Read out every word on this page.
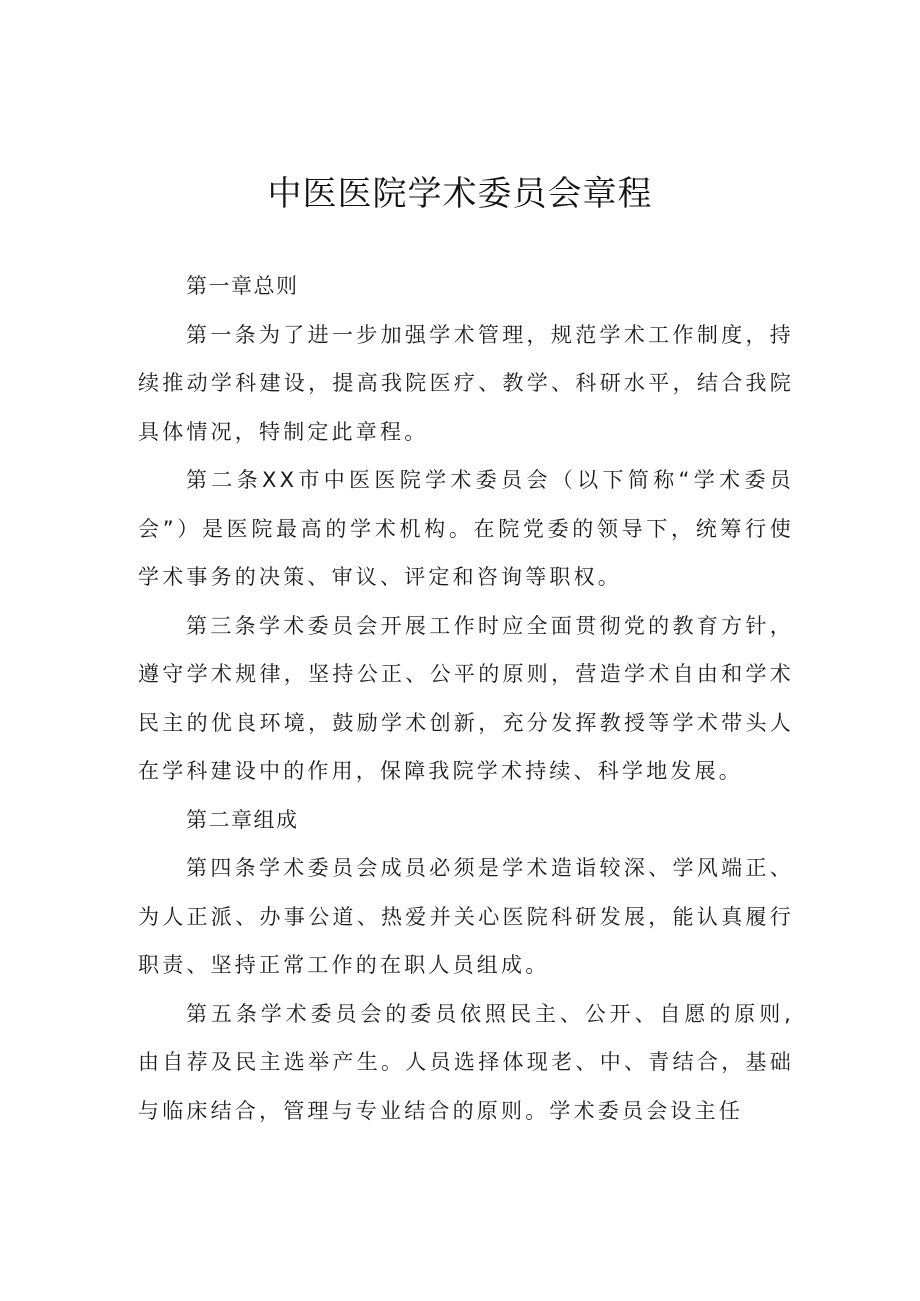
中医医院学术委员会章程

第一章总则

第一条为了进一步加强学术管理，规范学术工作制度，持续推动学科建设，提高我院医疗、教学、科研水平，结合我院具体情况，特制定此章程。

第二条XX市中医医院学术委员会（以下简称“学术委员会”）是医院最高的学术机构。在院党委的领导下，统筹行使学术事务的决策、审议、评定和咨询等职权。

第三条学术委员会开展工作时应全面贯彻党的教育方针，遵守学术规律，坚持公正、公平的原则，营造学术自由和学术民主的优良环境，鼓励学术创新，充分发挥教授等学术带头人在学科建设中的作用，保障我院学术持续、科学地发展。

第二章组成

第四条学术委员会成员必须是学术造诣较深、学风端正、为人正派、办事公道、热爱并关心医院科研发展，能认真履行职责、坚持正常工作的在职人员组成。

第五条学术委员会的委员依照民主、公开、自愿的原则,由自荐及民主选举产生。人员选择体现老、中、青结合，基础与临床结合，管理与专业结合的原则。学术委员会设主任
